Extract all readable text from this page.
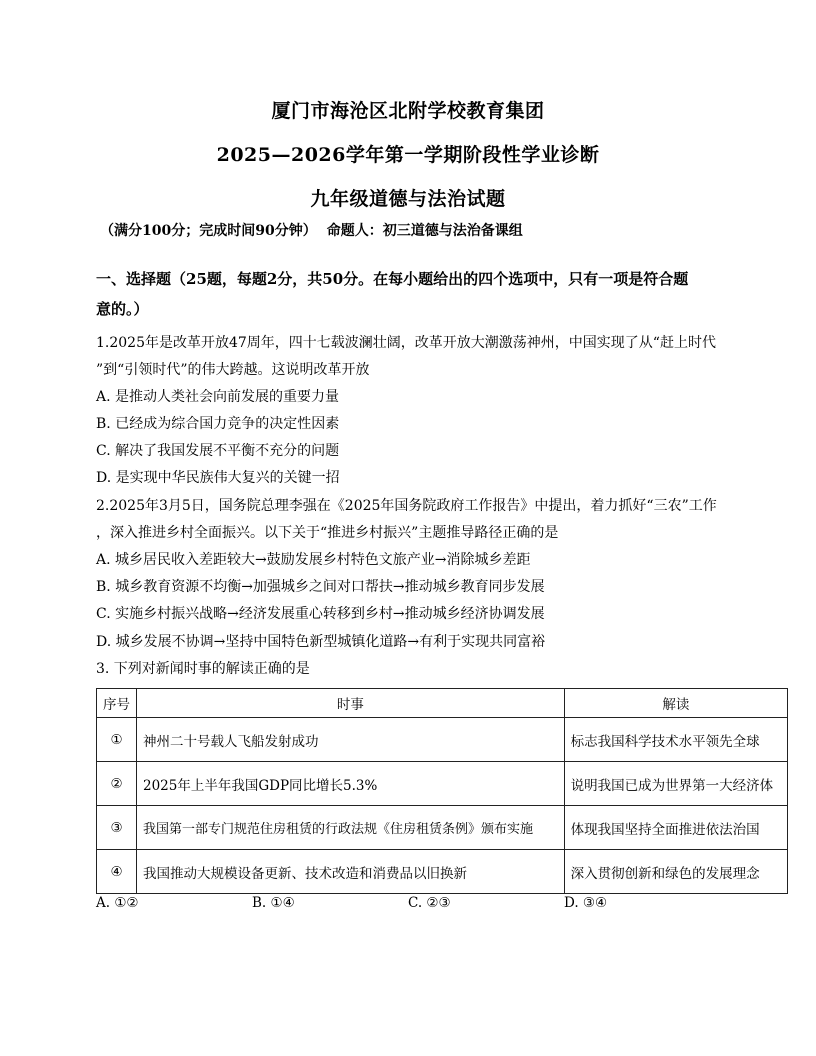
厦门市海沧区北附学校教育集团
2025—2026学年第一学期阶段性学业诊断
九年级道德与法治试题
（满分100分；完成时间90分钟） 命题人：初三道德与法治备课组
一、选择题（25题，每题2分，共50分。在每小题给出的四个选项中，只有一项是符合题
意的。）
1.2025年是改革开放47周年，四十七载波澜壮阔，改革开放大潮激荡神州，中国实现了从“赶上时代
”到“引领时代”的伟大跨越。这说明改革开放
A. 是推动人类社会向前发展的重要力量
B. 已经成为综合国力竞争的决定性因素
C. 解决了我国发展不平衡不充分的问题
D. 是实现中华民族伟大复兴的关键一招
2.2025年3月5日，国务院总理李强在《2025年国务院政府工作报告》中提出，着力抓好“三农”工作
，深入推进乡村全面振兴。以下关于“推进乡村振兴”主题推导路径正确的是
A. 城乡居民收入差距较大→鼓励发展乡村特色文旅产业→消除城乡差距
B. 城乡教育资源不均衡→加强城乡之间对口帮扶→推动城乡教育同步发展
C. 实施乡村振兴战略→经济发展重心转移到乡村→推动城乡经济协调发展
D. 城乡发展不协调→坚持中国特色新型城镇化道路→有利于实现共同富裕
3. 下列对新闻时事的解读正确的是
序号	时事	解读
①	神州二十号载人飞船发射成功	标志我国科学技术水平领先全球
②	2025年上半年我国GDP同比增长5.3%	说明我国已成为世界第一大经济体
③	我国第一部专门规范住房租赁的行政法规《住房租赁条例》颁布实施	体现我国坚持全面推进依法治国
④	我国推动大规模设备更新、技术改造和消费品以旧换新	深入贯彻创新和绿色的发展理念
A. ①②	B. ①④	C. ②③	D. ③④
